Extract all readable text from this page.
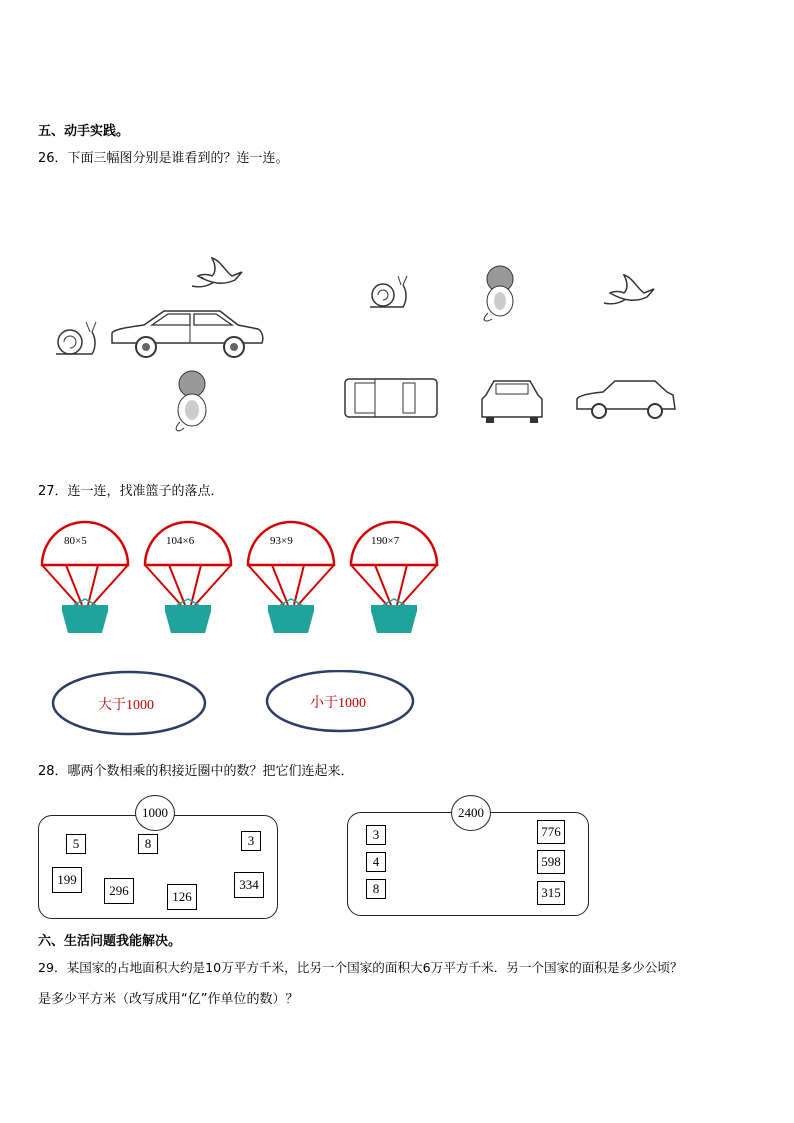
五、动手实践。
26．下面三幅图分别是谁看到的？连一连。
27．连一连，找准篮子的落点．
80×5	104×6	93×9	190×7
大于1000	小于1000
28．哪两个数相乘的积接近圈中的数？把它们连起来．
1000
5	8	3
199
296	126
334
2400
3
4
8
776
598
315
六、生活问题我能解决。
29．某国家的占地面积大约是10万平方千米，比另一个国家的面积大6万平方千米．另一个国家的面积是多少公顷？
是多少平方米（改写成用“亿”作单位的数）？
